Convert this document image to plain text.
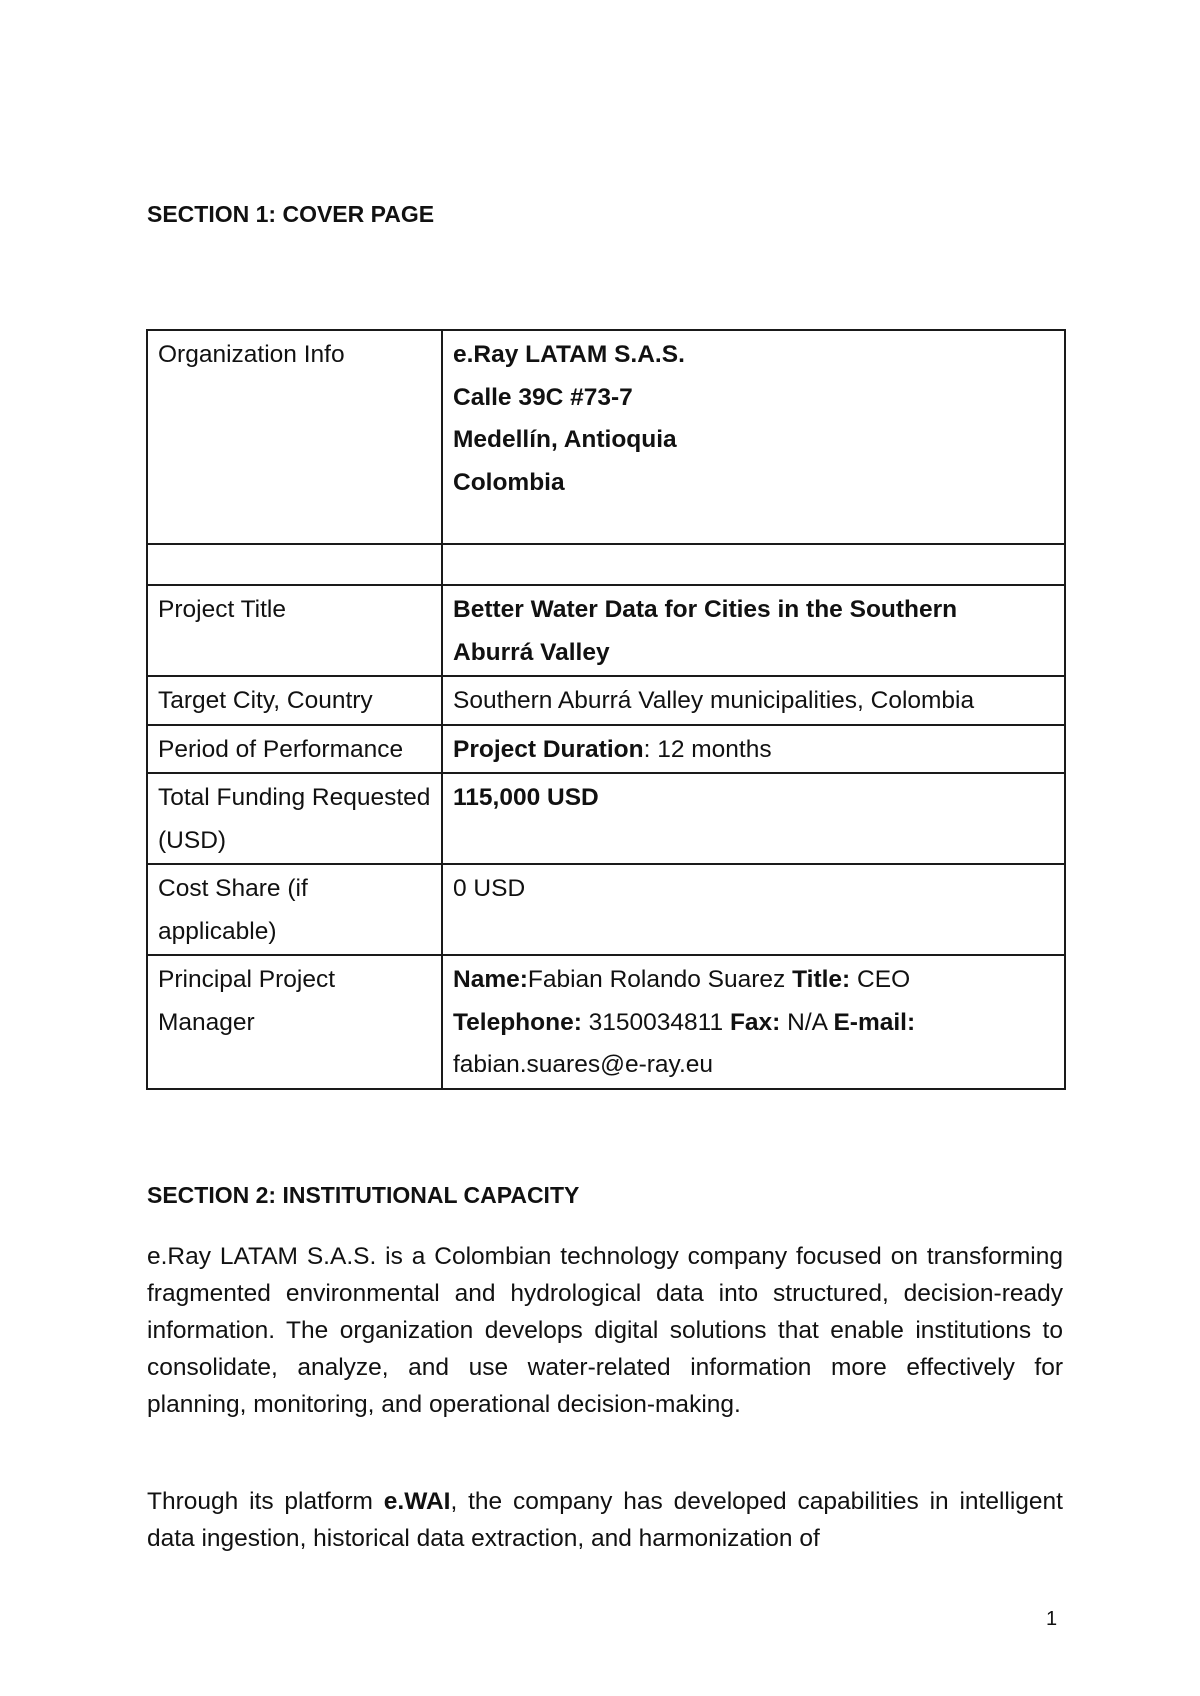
SECTION 1: COVER PAGE
Organization Info	e.Ray LATAM S.A.S.
Calle 39C #73-7
Medellín, Antioquia
Colombia

Project Title	Better Water Data for Cities in the Southern
Aburrá Valley

Target City, Country	Southern Aburrá Valley municipalities, Colombia
Period of Performance	Project Duration: 12 months
Total Funding Requested (USD)	115,000 USD
Cost Share (if applicable)	0 USD
Principal Project Manager	Name:Fabian Rolando Suarez Title: CEO
Telephone: 3150034811 Fax: N/A E-mail:
fabian.suares@e-ray.eu
SECTION 2: INSTITUTIONAL CAPACITY

e.Ray LATAM S.A.S. is a Colombian technology company focused on transforming fragmented environmental and hydrological data into structured, decision-ready information. The organization develops digital solutions that enable institutions to consolidate, analyze, and use water-related information more effectively for planning, monitoring, and operational decision-making.

Through its platform e.WAI, the company has developed capabilities in intelligent data ingestion, historical data extraction, and harmonization of

1
